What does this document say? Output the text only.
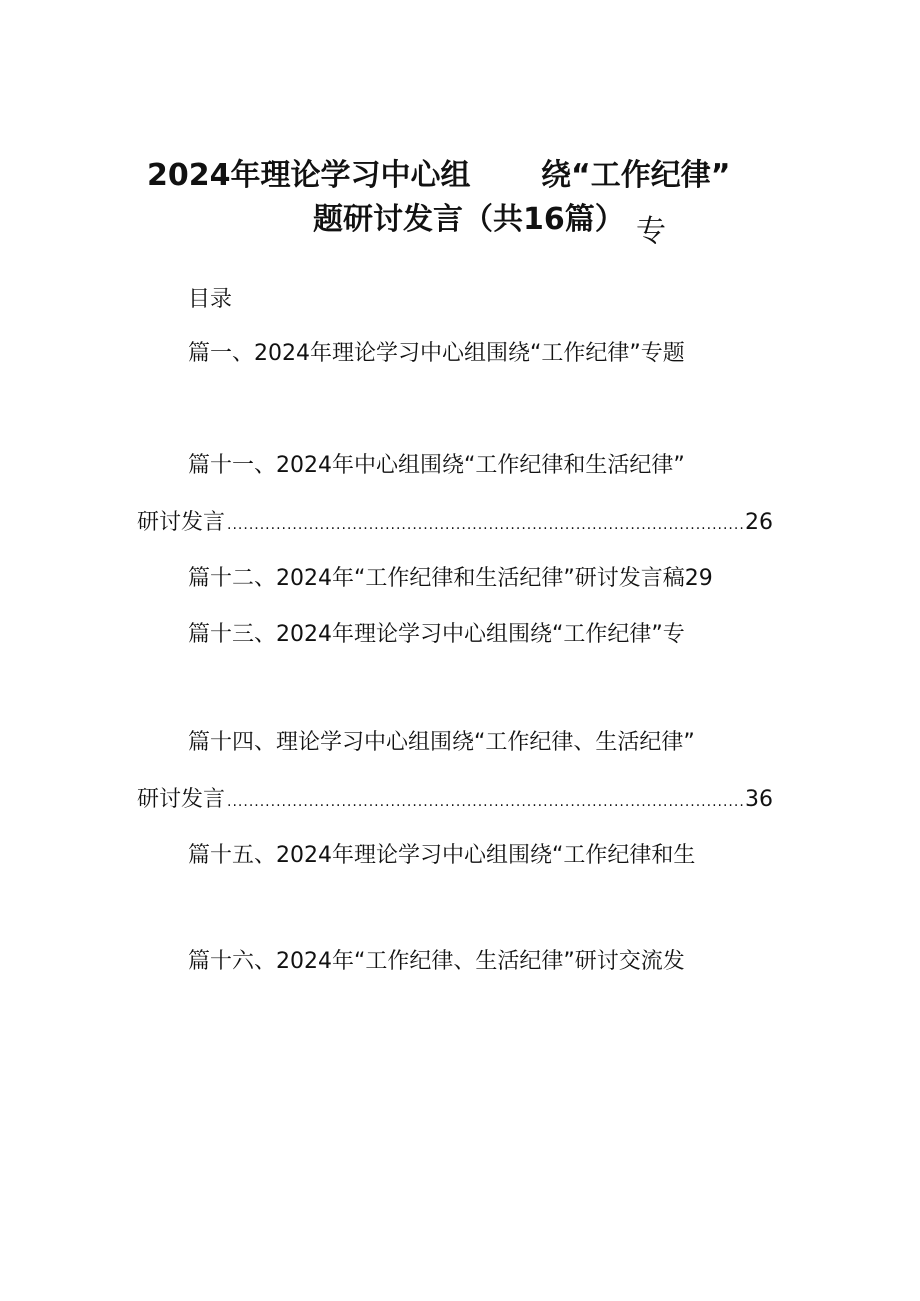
2024年理论学习中心组 绕“工作纪律”
题研讨发言（共16篇） 专
目录
篇一、2024年理论学习中心组围绕“工作纪律”专题
篇十一、2024年中心组围绕“工作纪律和生活纪律”
研讨发言 .....	26
篇十二、2024年“工作纪律和生活纪律”研讨发言稿29
篇十三、2024年理论学习中心组围绕“工作纪律”专
篇十四、理论学习中心组围绕“工作纪律、生活纪律”
研讨发言 .....	36
篇十五、2024年理论学习中心组围绕“工作纪律和生
篇十六、2024年“工作纪律、生活纪律”研讨交流发
